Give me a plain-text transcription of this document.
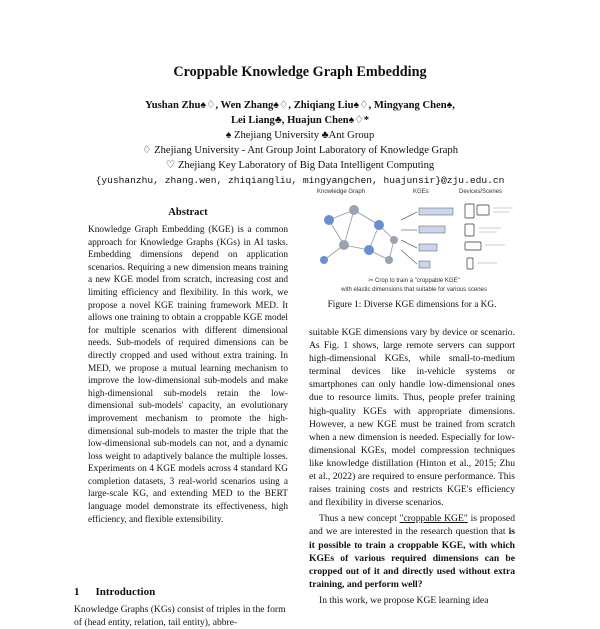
Croppable Knowledge Graph Embedding
Yushan Zhu♠♢, Wen Zhang♠♢, Zhiqiang Liu♠♢, Mingyang Chen♠,
Lei Liang♣, Huajun Chen♠♢*
♠ Zhejiang University ♣Ant Group
♢ Zhejiang University - Ant Group Joint Laboratory of Knowledge Graph
♡ Zhejiang Key Laboratory of Big Data Intelligent Computing
{yushanzhu, zhang.wen, zhiqiangliu, mingyangchen, huajunsir}@zju.edu.cn
Abstract
Knowledge Graph Embedding (KGE) is a common approach for Knowledge Graphs (KGs) in AI tasks. Embedding dimensions depend on application scenarios. Requiring a new dimension means training a new KGE model from scratch, increasing cost and limiting efficiency and flexibility. In this work, we propose a novel KGE training framework MED. It allows one training to obtain a croppable KGE model for multiple scenarios with different dimensional needs. Sub-models of required dimensions can be directly cropped and used without extra training. In MED, we propose a mutual learning mechanism to improve the low-dimensional sub-models and make high-dimensional sub-models retain the low-dimensional sub-models' capacity, an evolutionary improvement mechanism to promote the high-dimensional sub-models to master the triple that the low-dimensional sub-models can not, and a dynamic loss weight to adaptively balance the multiple losses. Experiments on 4 KGE models across 4 standard KG completion datasets, 3 real-world scenarios using a large-scale KG, and extending MED to the BERT language model demonstrate its effectiveness, high efficiency, and flexible extensibility.
1 Introduction
Knowledge Graphs (KGs) consist of triples in the form of (head entity, relation, tail entity), abbre-
Knowledge Graph	KGEs	Devices/Scenes
✂ Crop to train a "croppable KGE"
with elastic dimensions that suitable for various scenes
Figure 1: Diverse KGE dimensions for a KG.

suitable KGE dimensions vary by device or scenario. As Fig. 1 shows, large remote servers can support high-dimensional KGEs, while small-to-medium terminal devices like in-vehicle systems or smartphones can only handle low-dimensional ones due to resource limits. Thus, people prefer training high-quality KGEs with appropriate dimensions. However, a new KGE must be trained from scratch when a new dimension is needed. Especially for low-dimensional KGEs, model compression techniques like knowledge distillation (Hinton et al., 2015; Zhu et al., 2022) are required to ensure performance. This raises training costs and restricts KGE's efficiency and flexibility in diverse scenarios.

Thus a new concept "croppable KGE" is proposed and we are interested in the research question that is it possible to train a croppable KGE, with which KGEs of various required dimensions can be cropped out of it and directly used without extra training, and perform well?

In this work, we propose KGE learning idea
